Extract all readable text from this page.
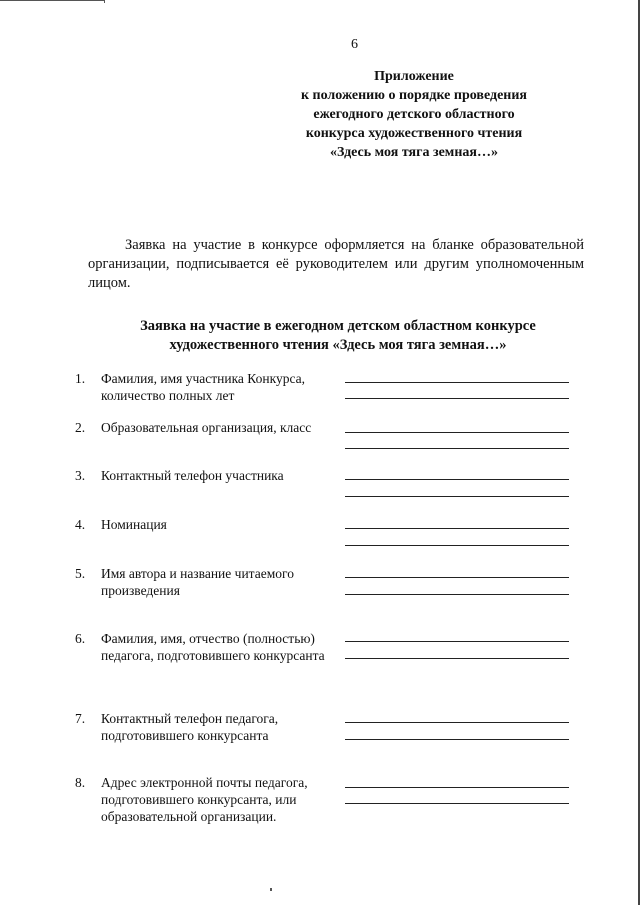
6
Приложение
к положению о порядке проведения
ежегодного детского областного
конкурса художественного чтения
«Здесь моя тяга земная…»

Заявка на участие в конкурсе оформляется на бланке образовательной организации, подписывается её руководителем или другим уполномоченным лицом.

Заявка на участие в ежегодном детском областном конкурсе художественного чтения «Здесь моя тяга земная…»
1. Фамилия, имя участника Конкурса, количество полных лет
2. Образовательная организация, класс
3. Контактный телефон участника
4. Номинация
5. Имя автора и название читаемого произведения
6. Фамилия, имя, отчество (полностью) педагога, подготовившего конкурсанта
7. Контактный телефон педагога, подготовившего конкурсанта
8. Адрес электронной почты педагога, подготовившего конкурсанта, или образовательной организации.
